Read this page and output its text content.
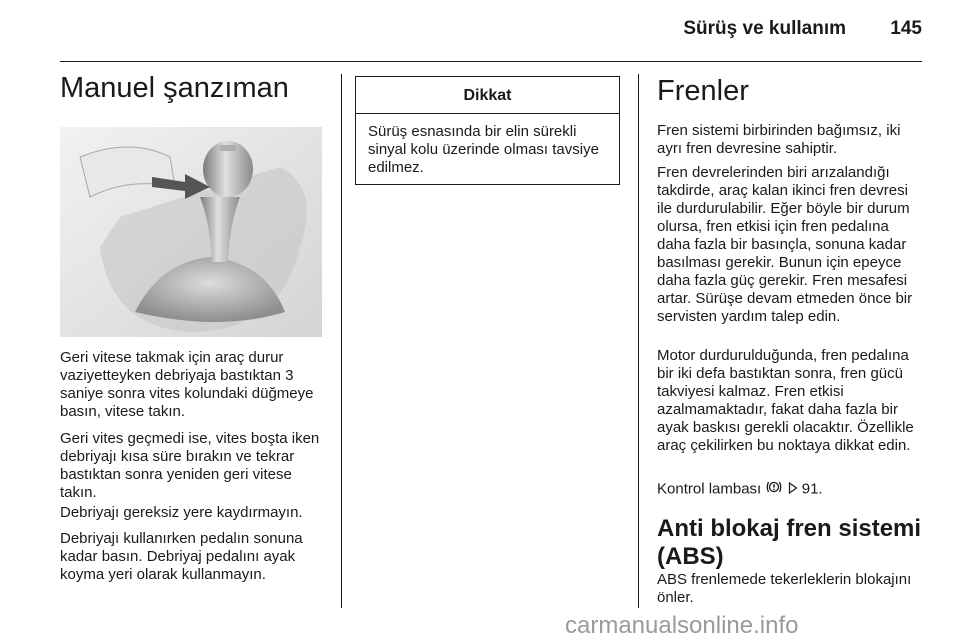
Sürüş ve kullanım	145
Manuel şanzıman
Geri vitese takmak için araç durur vaziyetteyken debriyaja bastıktan 3 saniye sonra vites kolundaki düğmeye basın, vitese takın.
Geri vites geçmedi ise, vites boşta iken debriyajı kısa süre bırakın ve tekrar bastıktan sonra yeniden geri vitese takın.
Debriyajı gereksiz yere kaydırmayın.
Debriyajı kullanırken pedalın sonuna kadar basın. Debriyaj pedalını ayak koyma yeri olarak kullanmayın.
Dikkat
Sürüş esnasında bir elin sürekli sinyal kolu üzerinde olması tavsiye edilmez.
Frenler
Fren sistemi birbirinden bağımsız, iki ayrı fren devresine sahiptir.
Fren devrelerinden biri arızalandığı takdirde, araç kalan ikinci fren devresi ile durdurulabilir. Eğer böyle bir durum olursa, fren etkisi için fren pedalına daha fazla bir basınçla, sonuna kadar basılması gerekir. Bunun için epeyce daha fazla güç gerekir. Fren mesafesi artar. Sürüşe devam etmeden önce bir servisten yardım talep edin.
Motor durdurulduğunda, fren pedalına bir iki defa bastıktan sonra, fren gücü takviyesi kalmaz. Fren etkisi azalmamaktadır, fakat daha fazla bir ayak baskısı gerekli olacaktır. Özellikle araç çekilirken bu noktaya dikkat edin.
Kontrol lambası	91.
Anti blokaj fren sistemi (ABS)
ABS frenlemede tekerleklerin blokajını önler.
carmanualsonline.info
